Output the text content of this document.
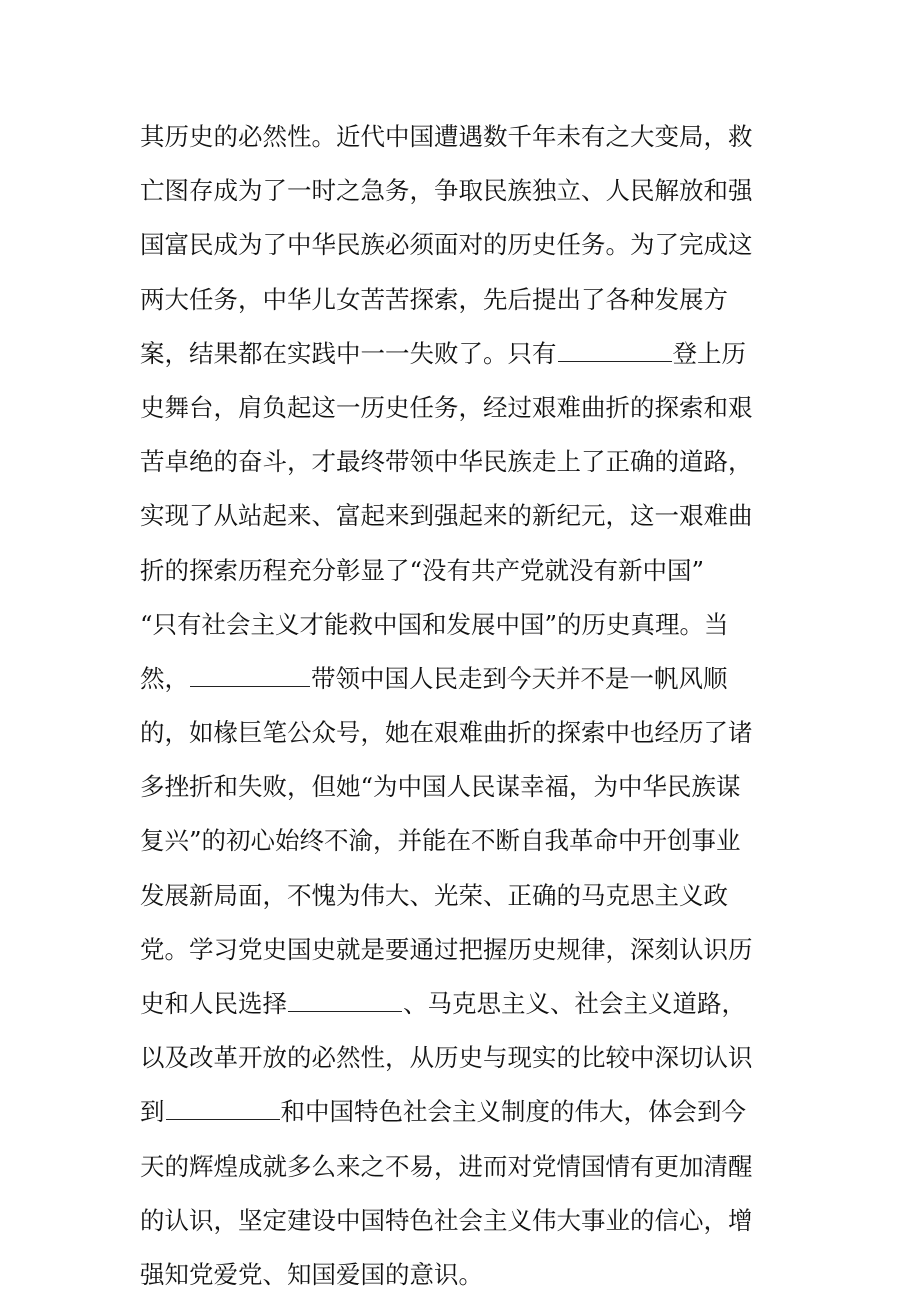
其历史的必然性。近代中国遭遇数千年未有之大变局，救
亡图存成为了一时之急务，争取民族独立、人民解放和强
国富民成为了中华民族必须面对的历史任务。为了完成这
两大任务，中华儿女苦苦探索，先后提出了各种发展方
案，结果都在实践中一一失败了。只有	登上历
史舞台，肩负起这一历史任务，经过艰难曲折的探索和艰
苦卓绝的奋斗，才最终带领中华民族走上了正确的道路，
实现了从站起来、富起来到强起来的新纪元，这一艰难曲
折的探索历程充分彰显了“没有共产党就没有新中国”
“只有社会主义才能救中国和发展中国”的历史真理。当
然，	带领中国人民走到今天并不是一帆风顺
的，如椽巨笔公众号，她在艰难曲折的探索中也经历了诸
多挫折和失败，但她“为中国人民谋幸福，为中华民族谋
复兴”的初心始终不渝，并能在不断自我革命中开创事业
发展新局面，不愧为伟大、光荣、正确的马克思主义政
党。学习党史国史就是要通过把握历史规律，深刻认识历
史和人民选择	、马克思主义、社会主义道路，
以及改革开放的必然性，从历史与现实的比较中深切认识
到	和中国特色社会主义制度的伟大，体会到今
天的辉煌成就多么来之不易，进而对党情国情有更加清醒
的认识，坚定建设中国特色社会主义伟大事业的信心，增
强知党爱党、知国爱国的意识。
